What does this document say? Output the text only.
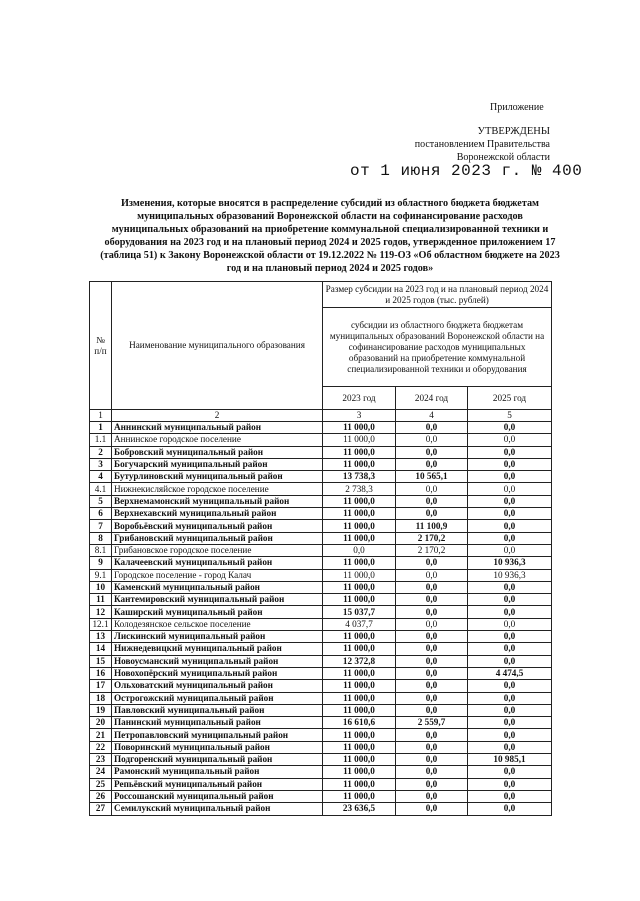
Приложение
УТВЕРЖДЕНЫ
постановлением Правительства
Воронежской области
от 1 июня 2023 г. № 400
Изменения, которые вносятся в распределение субсидий из областного бюджета бюджетам муниципальных образований Воронежской области на софинансирование расходов муниципальных образований на приобретение коммунальной специализированной техники и оборудования на 2023 год и на плановый период 2024 и 2025 годов, утвержденное приложением 17 (таблица 51) к Закону Воронежской области от 19.12.2022 № 119-ОЗ «Об областном бюджете на 2023 год и на плановый период 2024 и 2025 годов»
№ п/п	Наименование муниципального образования	Размер субсидии на 2023 год и на плановый период 2024 и 2025 годов (тыс. рублей)		
		субсидии из областного бюджета бюджетам муниципальных образований Воронежской области на софинансирование расходов муниципальных образований на приобретение коммунальной специализированной техники и оборудования		
		2023 год	2024 год	2025 год
1	2	3	4	5
1	Аннинский муниципальный район	11 000,0	0,0	0,0
1.1	Аннинское городское поселение	11 000,0	0,0	0,0
2	Бобровский муниципальный район	11 000,0	0,0	0,0
3	Богучарский муниципальный район	11 000,0	0,0	0,0
4	Бутурлиновский муниципальный район	13 738,3	10 565,1	0,0
4.1	Нижнекисляйское городское поселение	2 738,3	0,0	0,0
5	Верхнемамонский муниципальный район	11 000,0	0,0	0,0
6	Верхнехавский муниципальный район	11 000,0	0,0	0,0
7	Воробьёвский муниципальный район	11 000,0	11 100,9	0,0
8	Грибановский муниципальный район	11 000,0	2 170,2	0,0
8.1	Грибановское городское поселение	0,0	2 170,2	0,0
9	Калачеевский муниципальный район	11 000,0	0,0	10 936,3
9.1	Городское поселение - город Калач	11 000,0	0,0	10 936,3
10	Каменский муниципальный район	11 000,0	0,0	0,0
11	Кантемировский муниципальный район	11 000,0	0,0	0,0
12	Каширский муниципальный район	15 037,7	0,0	0,0
12.1	Колодезянское сельское поселение	4 037,7	0,0	0,0
13	Лискинский муниципальный район	11 000,0	0,0	0,0
14	Нижнедевицкий муниципальный район	11 000,0	0,0	0,0
15	Новоусманский муниципальный район	12 372,8	0,0	0,0
16	Новохопёрский муниципальный район	11 000,0	0,0	4 474,5
17	Ольховатский муниципальный район	11 000,0	0,0	0,0
18	Острогожский муниципальный район	11 000,0	0,0	0,0
19	Павловский муниципальный район	11 000,0	0,0	0,0
20	Панинский муниципальный район	16 610,6	2 559,7	0,0
21	Петропавловский муниципальный район	11 000,0	0,0	0,0
22	Поворинский муниципальный район	11 000,0	0,0	0,0
23	Подгоренский муниципальный район	11 000,0	0,0	10 985,1
24	Рамонский муниципальный район	11 000,0	0,0	0,0
25	Репьёвский муниципальный район	11 000,0	0,0	0,0
26	Россошанский муниципальный район	11 000,0	0,0	0,0
27	Семилукский муниципальный район	23 636,5	0,0	0,0
